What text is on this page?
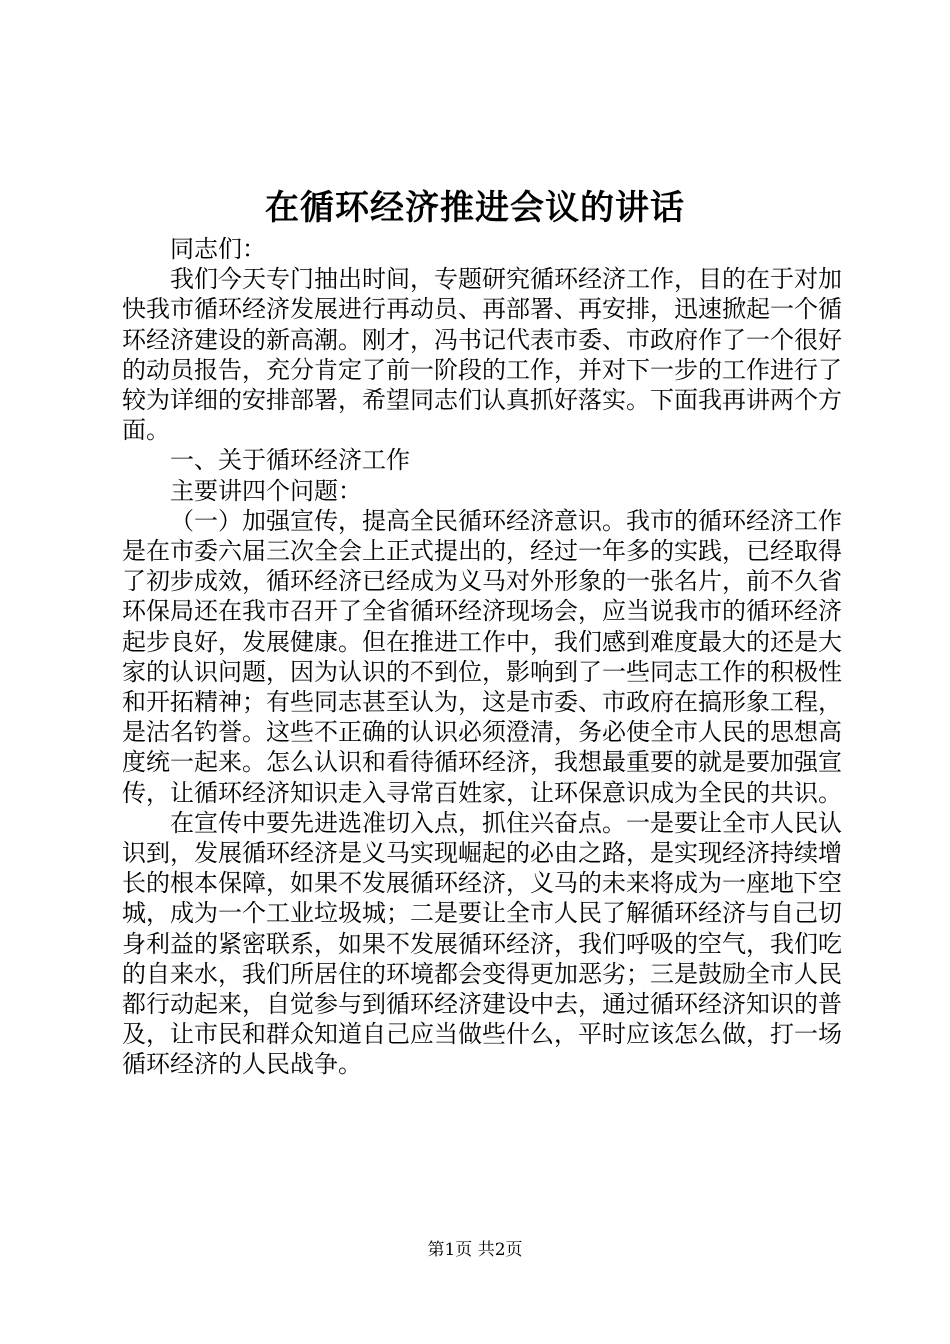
在循环经济推进会议的讲话

同志们：

我们今天专门抽出时间，专题研究循环经济工作，目的在于对加快我市循环经济发展进行再动员、再部署、再安排，迅速掀起一个循环经济建设的新高潮。刚才，冯书记代表市委、市政府作了一个很好的动员报告，充分肯定了前一阶段的工作，并对下一步的工作进行了较为详细的安排部署，希望同志们认真抓好落实。下面我再讲两个方面。

一、关于循环经济工作

主要讲四个问题：

（一）加强宣传，提高全民循环经济意识。我市的循环经济工作是在市委六届三次全会上正式提出的，经过一年多的实践，已经取得了初步成效，循环经济已经成为义马对外形象的一张名片，前不久省环保局还在我市召开了全省循环经济现场会，应当说我市的循环经济起步良好，发展健康。但在推进工作中，我们感到难度最大的还是大家的认识问题，因为认识的不到位，影响到了一些同志工作的积极性和开拓精神；有些同志甚至认为，这是市委、市政府在搞形象工程，是沽名钓誉。这些不正确的认识必须澄清，务必使全市人民的思想高度统一起来。怎么认识和看待循环经济，我想最重要的就是要加强宣传，让循环经济知识走入寻常百姓家，让环保意识成为全民的共识。

在宣传中要先进选准切入点，抓住兴奋点。一是要让全市人民认识到，发展循环经济是义马实现崛起的必由之路，是实现经济持续增长的根本保障，如果不发展循环经济，义马的未来将成为一座地下空城，成为一个工业垃圾城；二是要让全市人民了解循环经济与自己切身利益的紧密联系，如果不发展循环经济，我们呼吸的空气，我们吃的自来水，我们所居住的环境都会变得更加恶劣；三是鼓励全市人民都行动起来，自觉参与到循环经济建设中去，通过循环经济知识的普及，让市民和群众知道自己应当做些什么，平时应该怎么做，打一场循环经济的人民战争。

第1页 共2页
